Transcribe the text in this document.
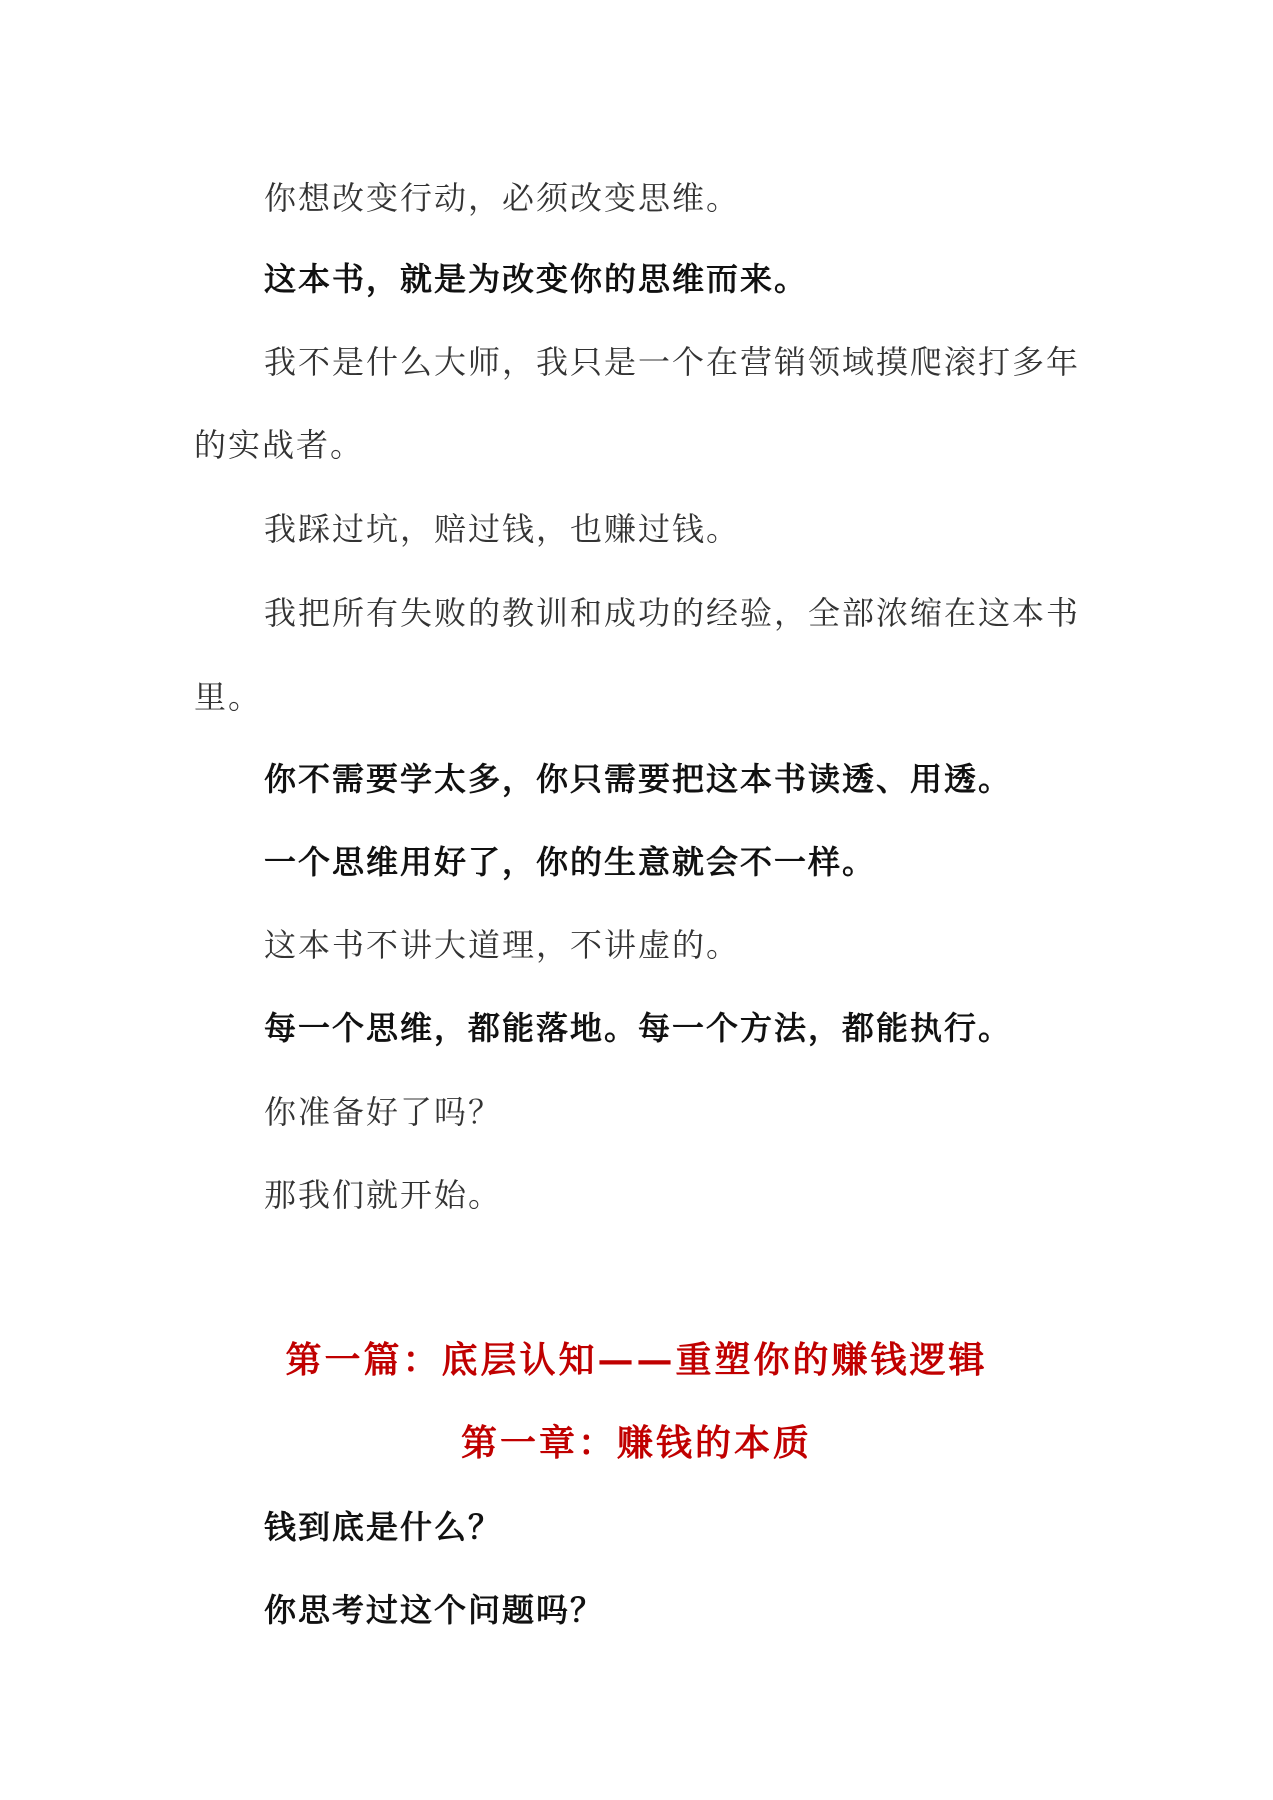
你想改变行动，必须改变思维。
这本书，就是为改变你的思维而来。
我不是什么大师，我只是一个在营销领域摸爬滚打多年
的实战者。
我踩过坑，赔过钱，也赚过钱。
我把所有失败的教训和成功的经验，全部浓缩在这本书
里。
你不需要学太多，你只需要把这本书读透、用透。
一个思维用好了，你的生意就会不一样。
这本书不讲大道理，不讲虚的。
每一个思维，都能落地。每一个方法，都能执行。
你准备好了吗？
那我们就开始。
第一篇：底层认知——重塑你的赚钱逻辑
第一章：赚钱的本质
钱到底是什么？
你思考过这个问题吗？
